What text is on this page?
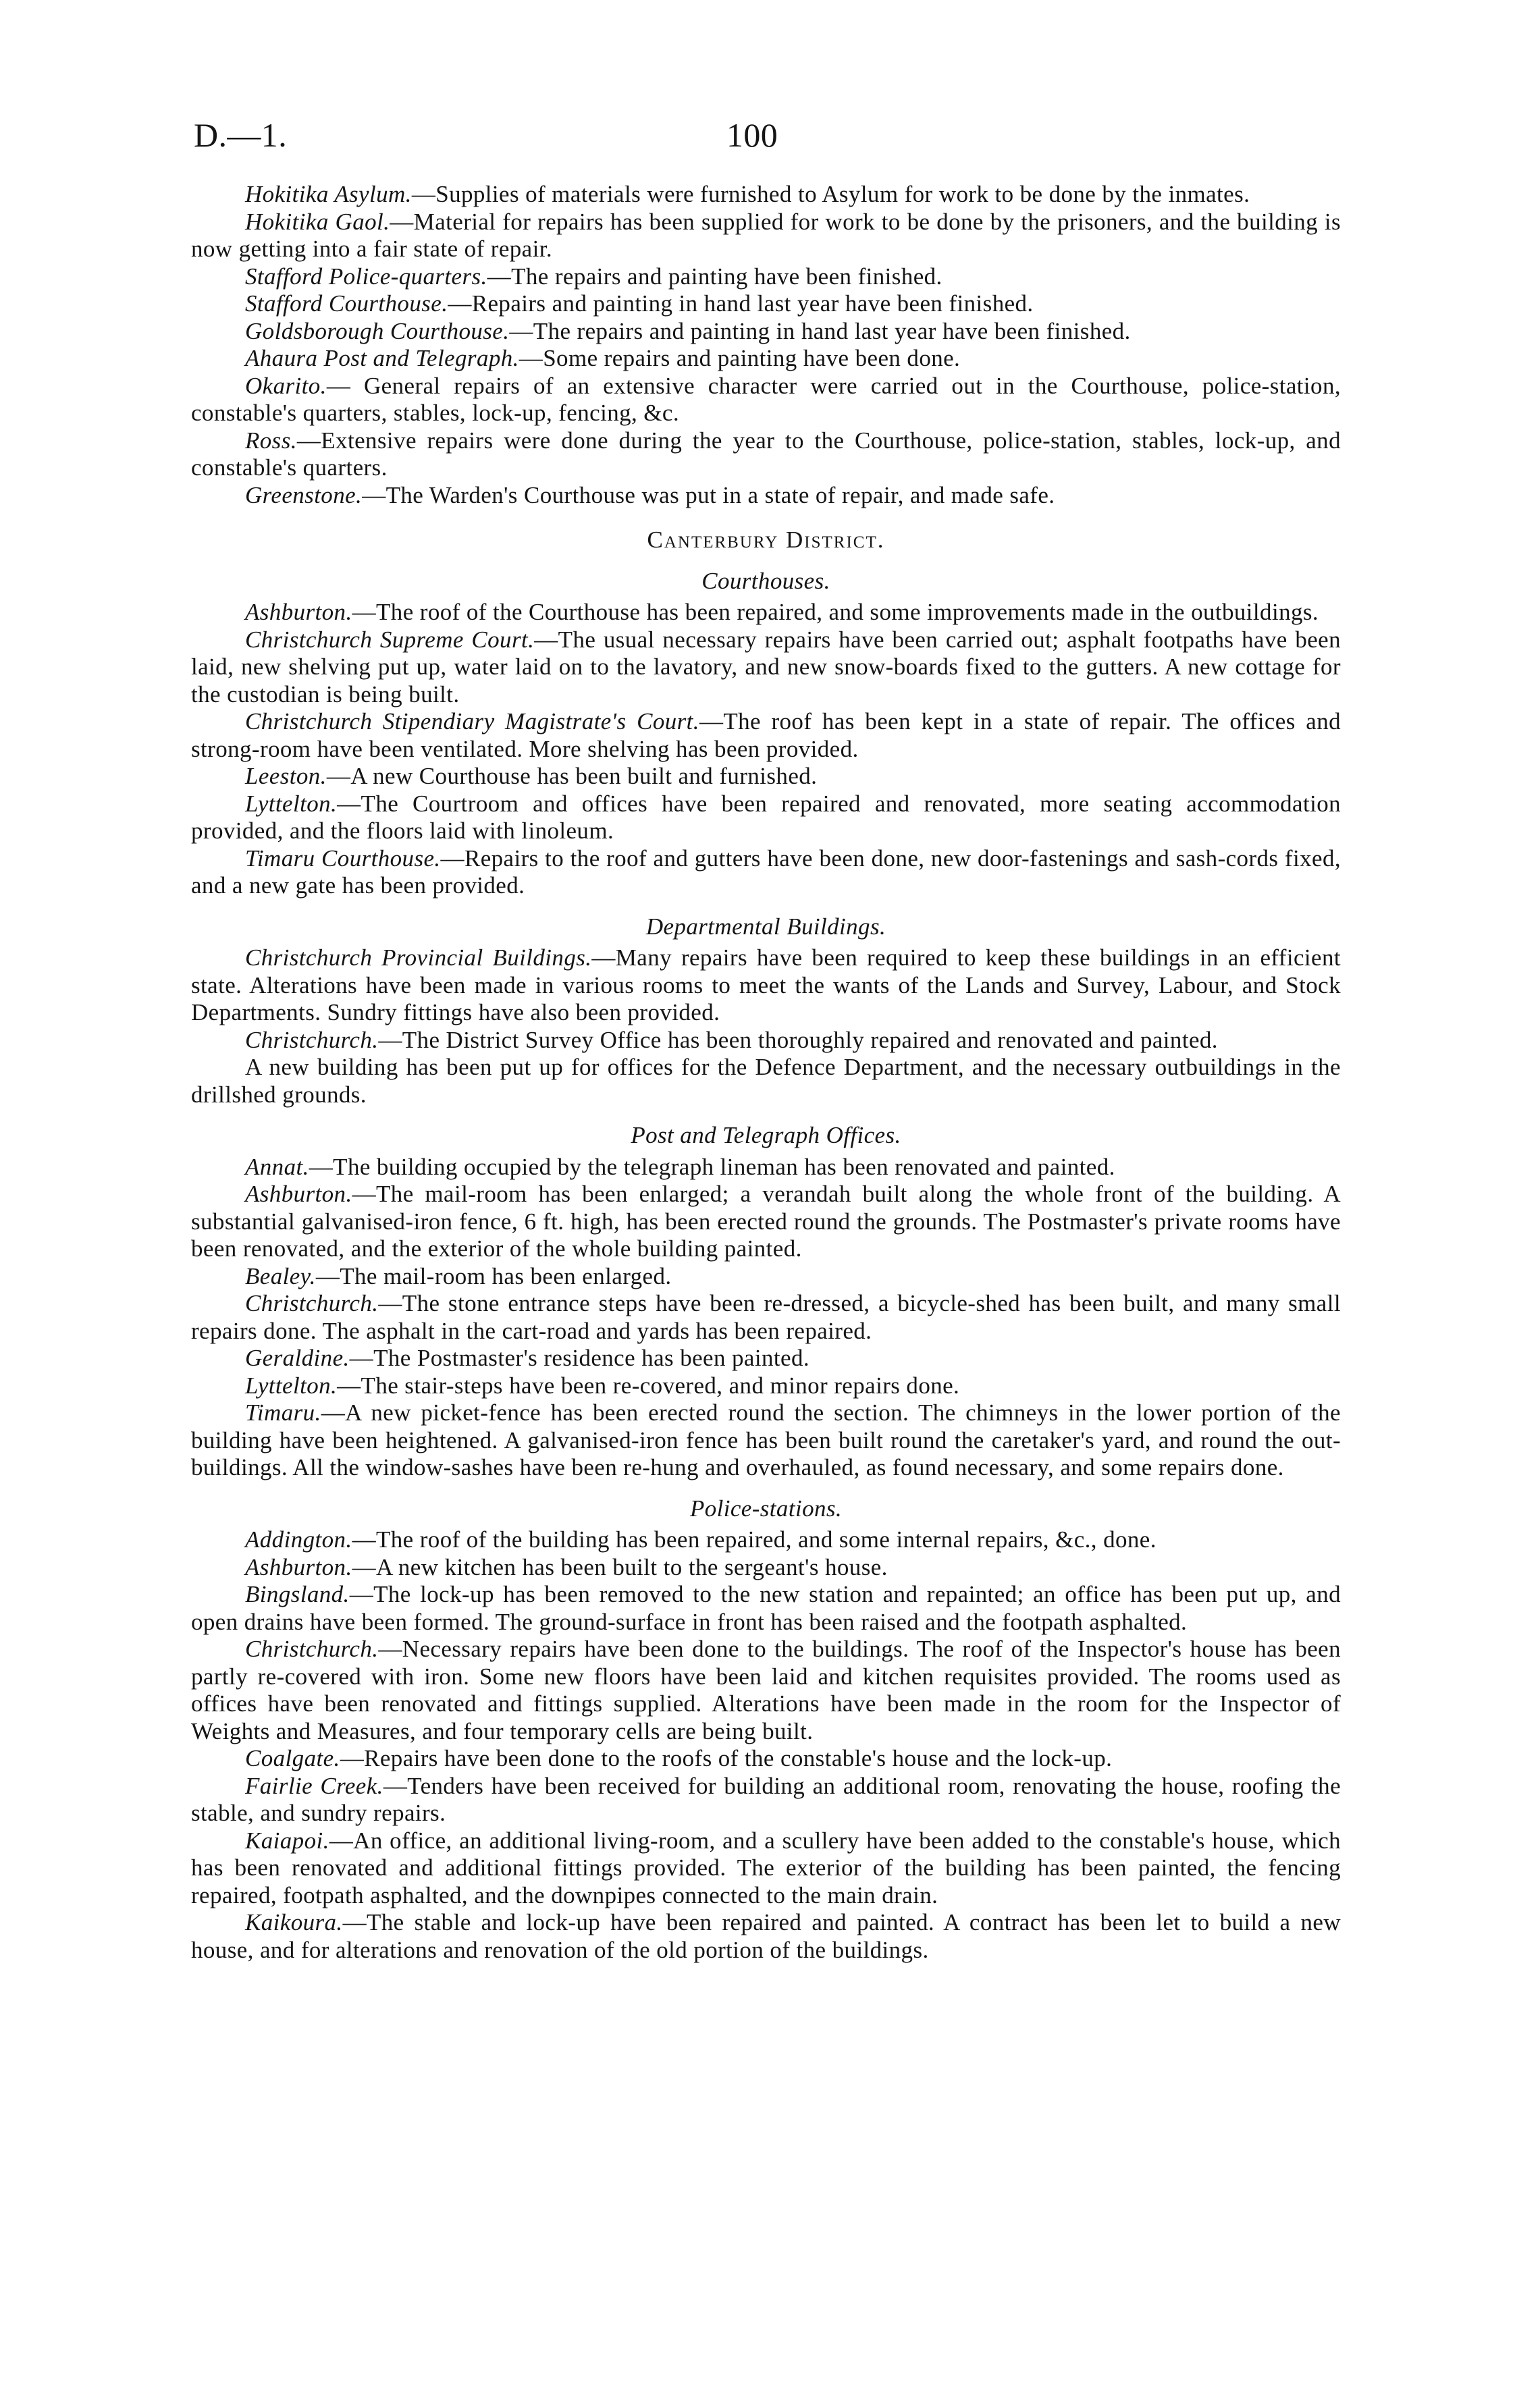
D.—1.	100

Hokitika Asylum.—Supplies of materials were furnished to Asylum for work to be done by the inmates.

Hokitika Gaol.—Material for repairs has been supplied for work to be done by the prisoners, and the building is now getting into a fair state of repair.

Stafford Police-quarters.—The repairs and painting have been finished.

Stafford Courthouse.—Repairs and painting in hand last year have been finished.

Goldsborough Courthouse.—The repairs and painting in hand last year have been finished.

Ahaura Post and Telegraph.—Some repairs and painting have been done.

Okarito.— General repairs of an extensive character were carried out in the Courthouse, police-station, constable's quarters, stables, lock-up, fencing, &c.

Ross.—Extensive repairs were done during the year to the Courthouse, police-station, stables, lock-up, and constable's quarters.

Greenstone.—The Warden's Courthouse was put in a state of repair, and made safe.

Canterbury District.
Courthouses.

Ashburton.—The roof of the Courthouse has been repaired, and some improvements made in the outbuildings.

Christchurch Supreme Court.—The usual necessary repairs have been carried out; asphalt footpaths have been laid, new shelving put up, water laid on to the lavatory, and new snow-boards fixed to the gutters. A new cottage for the custodian is being built.

Christchurch Stipendiary Magistrate's Court.—The roof has been kept in a state of repair. The offices and strong-room have been ventilated. More shelving has been provided.

Leeston.—A new Courthouse has been built and furnished.

Lyttelton.—The Courtroom and offices have been repaired and renovated, more seating accommodation provided, and the floors laid with linoleum.

Timaru Courthouse.—Repairs to the roof and gutters have been done, new door-fastenings and sash-cords fixed, and a new gate has been provided.

Departmental Buildings.

Christchurch Provincial Buildings.—Many repairs have been required to keep these buildings in an efficient state. Alterations have been made in various rooms to meet the wants of the Lands and Survey, Labour, and Stock Departments. Sundry fittings have also been provided.

Christchurch.—The District Survey Office has been thoroughly repaired and renovated and painted.

A new building has been put up for offices for the Defence Department, and the necessary outbuildings in the drillshed grounds.

Post and Telegraph Offices.

Annat.—The building occupied by the telegraph lineman has been renovated and painted.

Ashburton.—The mail-room has been enlarged; a verandah built along the whole front of the building. A substantial galvanised-iron fence, 6 ft. high, has been erected round the grounds. The Postmaster's private rooms have been renovated, and the exterior of the whole building painted.

Bealey.—The mail-room has been enlarged.

Christchurch.—The stone entrance steps have been re-dressed, a bicycle-shed has been built, and many small repairs done. The asphalt in the cart-road and yards has been repaired.

Geraldine.—The Postmaster's residence has been painted.

Lyttelton.—The stair-steps have been re-covered, and minor repairs done.

Timaru.—A new picket-fence has been erected round the section. The chimneys in the lower portion of the building have been heightened. A galvanised-iron fence has been built round the caretaker's yard, and round the out-buildings. All the window-sashes have been re-hung and overhauled, as found necessary, and some repairs done.

Police-stations.

Addington.—The roof of the building has been repaired, and some internal repairs, &c., done.

Ashburton.—A new kitchen has been built to the sergeant's house.

Bingsland.—The lock-up has been removed to the new station and repainted; an office has been put up, and open drains have been formed. The ground-surface in front has been raised and the footpath asphalted.

Christchurch.—Necessary repairs have been done to the buildings. The roof of the Inspector's house has been partly re-covered with iron. Some new floors have been laid and kitchen requisites provided. The rooms used as offices have been renovated and fittings supplied. Alterations have been made in the room for the Inspector of Weights and Measures, and four temporary cells are being built.

Coalgate.—Repairs have been done to the roofs of the constable's house and the lock-up.

Fairlie Creek.—Tenders have been received for building an additional room, renovating the house, roofing the stable, and sundry repairs.

Kaiapoi.—An office, an additional living-room, and a scullery have been added to the constable's house, which has been renovated and additional fittings provided. The exterior of the building has been painted, the fencing repaired, footpath asphalted, and the downpipes connected to the main drain.

Kaikoura.—The stable and lock-up have been repaired and painted. A contract has been let to build a new house, and for alterations and renovation of the old portion of the buildings.
